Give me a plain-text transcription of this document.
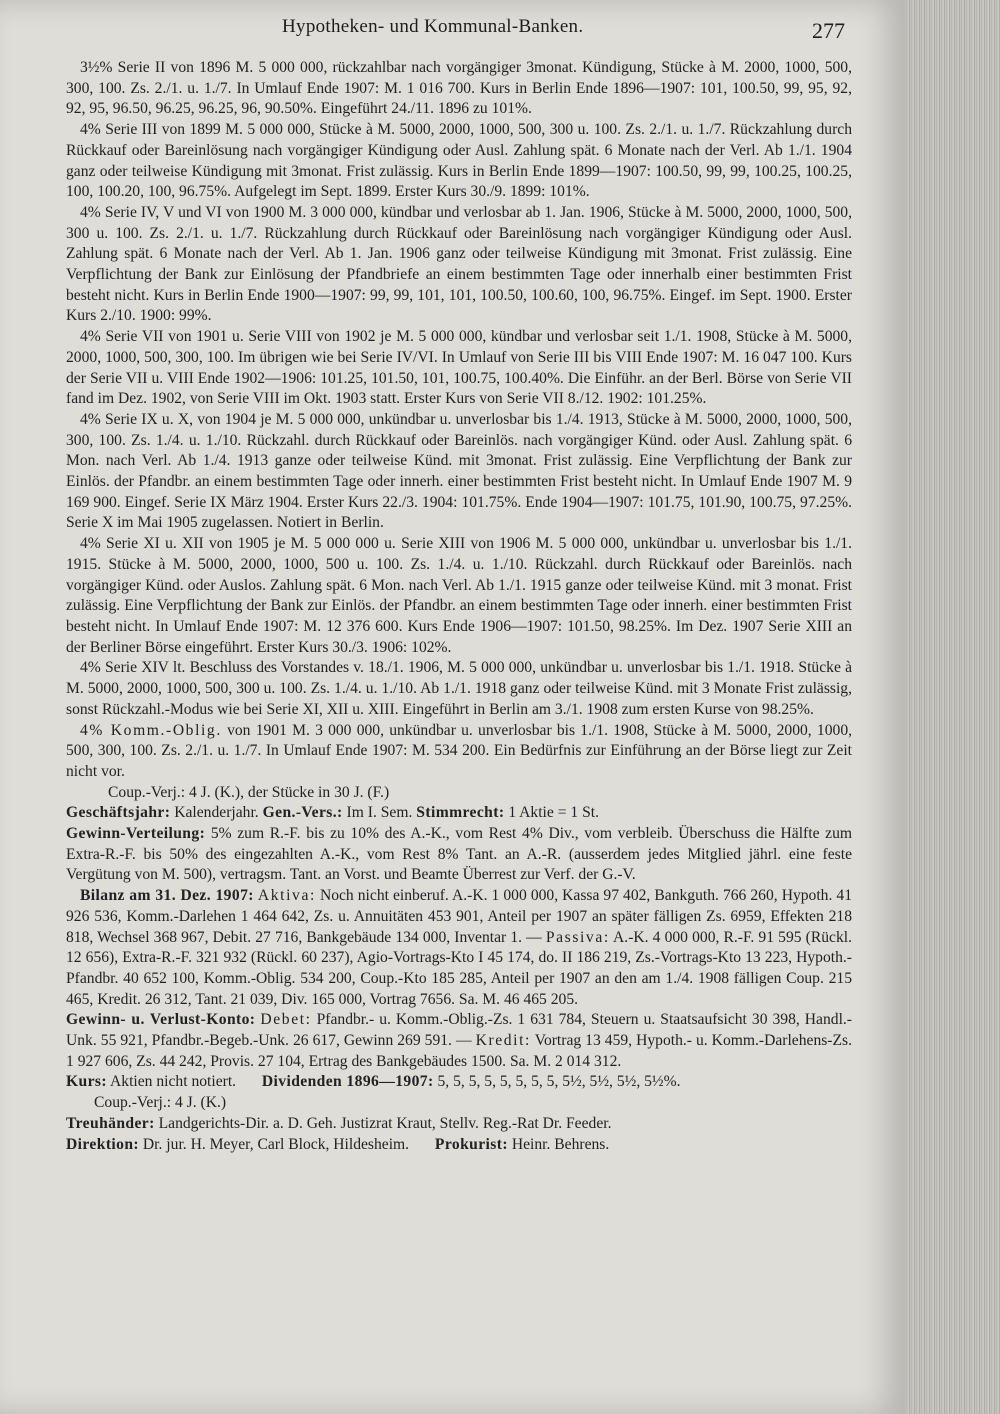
Hypotheken- und Kommunal-Banken.	277

3½% Serie II von 1896 M. 5 000 000, rückzahlbar nach vorgängiger 3monat. Kündigung, Stücke à M. 2000, 1000, 500, 300, 100. Zs. 2./1. u. 1./7. In Umlauf Ende 1907: M. 1 016 700. Kurs in Berlin Ende 1896—1907: 101, 100.50, 99, 95, 92, 92, 95, 96.50, 96.25, 96.25, 96, 90.50%. Eingeführt 24./11. 1896 zu 101%.

4% Serie III von 1899 M. 5 000 000, Stücke à M. 5000, 2000, 1000, 500, 300 u. 100. Zs. 2./1. u. 1./7. Rückzahlung durch Rückkauf oder Bareinlösung nach vorgängiger Kündigung oder Ausl. Zahlung spät. 6 Monate nach der Verl. Ab 1./1. 1904 ganz oder teilweise Kündigung mit 3monat. Frist zulässig. Kurs in Berlin Ende 1899—1907: 100.50, 99, 99, 100.25, 100.25, 100, 100.20, 100, 96.75%. Aufgelegt im Sept. 1899. Erster Kurs 30./9. 1899: 101%.

4% Serie IV, V und VI von 1900 M. 3 000 000, kündbar und verlosbar ab 1. Jan. 1906, Stücke à M. 5000, 2000, 1000, 500, 300 u. 100. Zs. 2./1. u. 1./7. Rückzahlung durch Rückkauf oder Bareinlösung nach vorgängiger Kündigung oder Ausl. Zahlung spät. 6 Monate nach der Verl. Ab 1. Jan. 1906 ganz oder teilweise Kündigung mit 3monat. Frist zulässig. Eine Verpflichtung der Bank zur Einlösung der Pfandbriefe an einem bestimmten Tage oder innerhalb einer bestimmten Frist besteht nicht. Kurs in Berlin Ende 1900—1907: 99, 99, 101, 101, 100.50, 100.60, 100, 96.75%. Eingef. im Sept. 1900. Erster Kurs 2./10. 1900: 99%.

4% Serie VII von 1901 u. Serie VIII von 1902 je M. 5 000 000, kündbar und verlosbar seit 1./1. 1908, Stücke à M. 5000, 2000, 1000, 500, 300, 100. Im übrigen wie bei Serie IV/VI. In Umlauf von Serie III bis VIII Ende 1907: M. 16 047 100. Kurs der Serie VII u. VIII Ende 1902—1906: 101.25, 101.50, 101, 100.75, 100.40%. Die Einführ. an der Berl. Börse von Serie VII fand im Dez. 1902, von Serie VIII im Okt. 1903 statt. Erster Kurs von Serie VII 8./12. 1902: 101.25%.

4% Serie IX u. X, von 1904 je M. 5 000 000, unkündbar u. unverlosbar bis 1./4. 1913, Stücke à M. 5000, 2000, 1000, 500, 300, 100. Zs. 1./4. u. 1./10. Rückzahl. durch Rückkauf oder Bareinlös. nach vorgängiger Künd. oder Ausl. Zahlung spät. 6 Mon. nach Verl. Ab 1./4. 1913 ganze oder teilweise Künd. mit 3monat. Frist zulässig. Eine Verpflichtung der Bank zur Einlös. der Pfandbr. an einem bestimmten Tage oder innerh. einer bestimmten Frist besteht nicht. In Umlauf Ende 1907 M. 9 169 900. Eingef. Serie IX März 1904. Erster Kurs 22./3. 1904: 101.75%. Ende 1904—1907: 101.75, 101.90, 100.75, 97.25%. Serie X im Mai 1905 zugelassen. Notiert in Berlin.

4% Serie XI u. XII von 1905 je M. 5 000 000 u. Serie XIII von 1906 M. 5 000 000, unkündbar u. unverlosbar bis 1./1. 1915. Stücke à M. 5000, 2000, 1000, 500 u. 100. Zs. 1./4. u. 1./10. Rückzahl. durch Rückkauf oder Bareinlös. nach vorgängiger Künd. oder Auslos. Zahlung spät. 6 Mon. nach Verl. Ab 1./1. 1915 ganze oder teilweise Künd. mit 3 monat. Frist zulässig. Eine Verpflichtung der Bank zur Einlös. der Pfandbr. an einem bestimmten Tage oder innerh. einer bestimmten Frist besteht nicht. In Umlauf Ende 1907: M. 12 376 600. Kurs Ende 1906—1907: 101.50, 98.25%. Im Dez. 1907 Serie XIII an der Berliner Börse eingeführt. Erster Kurs 30./3. 1906: 102%.

4% Serie XIV lt. Beschluss des Vorstandes v. 18./1. 1906, M. 5 000 000, unkündbar u. unverlosbar bis 1./1. 1918. Stücke à M. 5000, 2000, 1000, 500, 300 u. 100. Zs. 1./4. u. 1./10. Ab 1./1. 1918 ganz oder teilweise Künd. mit 3 Monate Frist zulässig, sonst Rückzahl.-Modus wie bei Serie XI, XII u. XIII. Eingeführt in Berlin am 3./1. 1908 zum ersten Kurse von 98.25%.

4% Komm.-Oblig. von 1901 M. 3 000 000, unkündbar u. unverlosbar bis 1./1. 1908, Stücke à M. 5000, 2000, 1000, 500, 300, 100. Zs. 2./1. u. 1./7. In Umlauf Ende 1907: M. 534 200. Ein Bedürfnis zur Einführung an der Börse liegt zur Zeit nicht vor.

Coup.-Verj.: 4 J. (K.), der Stücke in 30 J. (F.)

Geschäftsjahr: Kalenderjahr. Gen.-Vers.: Im I. Sem. Stimmrecht: 1 Aktie = 1 St.

Gewinn-Verteilung: 5% zum R.-F. bis zu 10% des A.-K., vom Rest 4% Div., vom verbleib. Überschuss die Hälfte zum Extra-R.-F. bis 50% des eingezahlten A.-K., vom Rest 8% Tant. an A.-R. (ausserdem jedes Mitglied jährl. eine feste Vergütung von M. 500), vertragsm. Tant. an Vorst. und Beamte Überrest zur Verf. der G.-V.

Bilanz am 31. Dez. 1907: Aktiva: Noch nicht einberuf. A.-K. 1 000 000, Kassa 97 402, Bankguth. 766 260, Hypoth. 41 926 536, Komm.-Darlehen 1 464 642, Zs. u. Annuitäten 453 901, Anteil per 1907 an später fälligen Zs. 6959, Effekten 218 818, Wechsel 368 967, Debit. 27 716, Bankgebäude 134 000, Inventar 1. — Passiva: A.-K. 4 000 000, R.-F. 91 595 (Rückl. 12 656), Extra-R.-F. 321 932 (Rückl. 60 237), Agio-Vortrags-Kto I 45 174, do. II 186 219, Zs.-Vortrags-Kto 13 223, Hypoth.-Pfandbr. 40 652 100, Komm.-Oblig. 534 200, Coup.-Kto 185 285, Anteil per 1907 an den am 1./4. 1908 fälligen Coup. 215 465, Kredit. 26 312, Tant. 21 039, Div. 165 000, Vortrag 7656. Sa. M. 46 465 205.

Gewinn- u. Verlust-Konto: Debet: Pfandbr.- u. Komm.-Oblig.-Zs. 1 631 784, Steuern u. Staatsaufsicht 30 398, Handl.-Unk. 55 921, Pfandbr.-Begeb.-Unk. 26 617, Gewinn 269 591. — Kredit: Vortrag 13 459, Hypoth.- u. Komm.-Darlehens-Zs. 1 927 606, Zs. 44 242, Provis. 27 104, Ertrag des Bankgebäudes 1500. Sa. M. 2 014 312.

Kurs: Aktien nicht notiert. Dividenden 1896—1907: 5, 5, 5, 5, 5, 5, 5, 5, 5½, 5½, 5½, 5½%.

Coup.-Verj.: 4 J. (K.)

Treuhänder: Landgerichts-Dir. a. D. Geh. Justizrat Kraut, Stellv. Reg.-Rat Dr. Feeder.

Direktion: Dr. jur. H. Meyer, Carl Block, Hildesheim. Prokurist: Heinr. Behrens.
